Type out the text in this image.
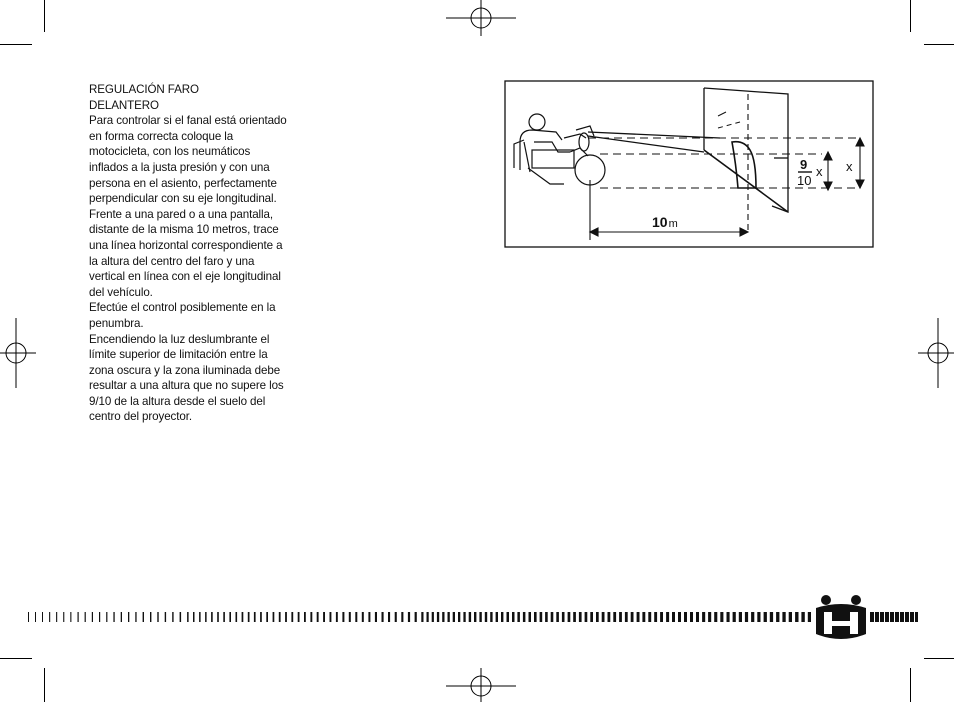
REGULACIÓN FARO
DELANTERO

Para controlar si el fanal está orientado en forma correcta coloque la motocicleta, con los neumáticos inflados a la justa presión y con una persona en el asiento, perfectamente perpendicular con su eje longitudinal. Frente a una pared o a una pantalla, distante de la misma 10 metros, trace una línea horizontal correspondiente a la altura del centro del faro y una vertical en línea con el eje longitudinal del vehículo.

Efectúe el control posiblemente en la penumbra.

Encendiendo la luz deslumbrante el límite superior de limitación entre la zona oscura y la zona iluminada debe resultar a una altura que no supere los 9/10 de la altura desde el suelo del centro del proyector.

9
10
x x
10m
